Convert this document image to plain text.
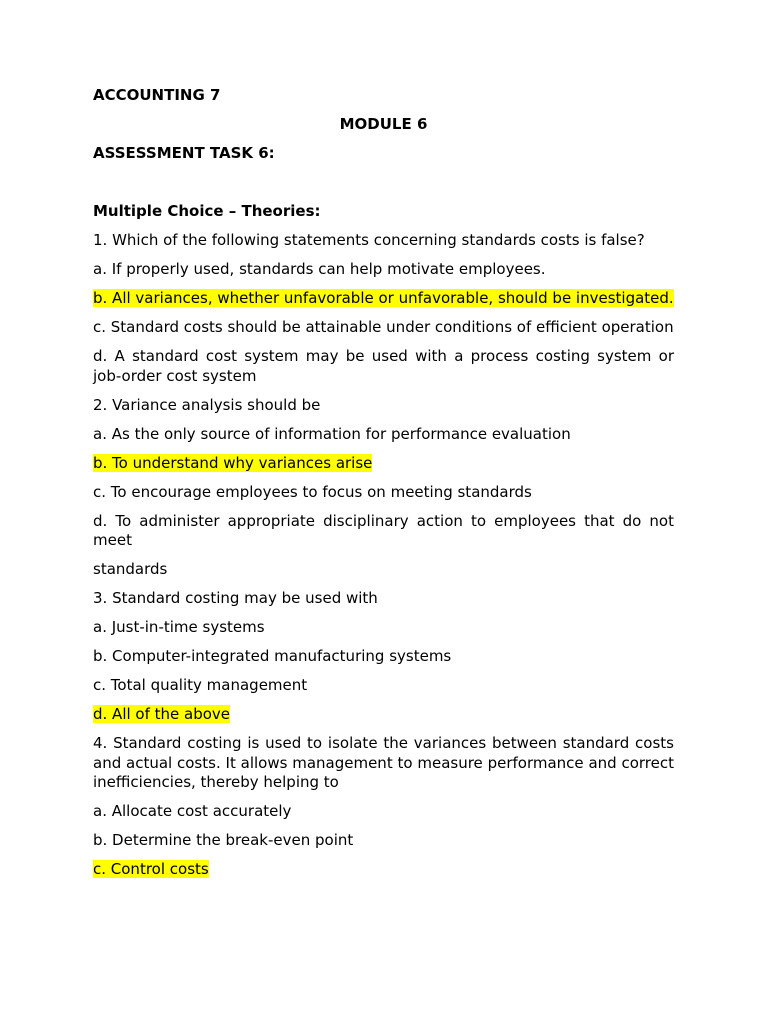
ACCOUNTING 7

MODULE 6

ASSESSMENT TASK 6:

Multiple Choice – Theories:

1. Which of the following statements concerning standards costs is false?

a. If properly used, standards can help motivate employees.

b. All variances, whether unfavorable or unfavorable, should be investigated.

c. Standard costs should be attainable under conditions of efficient operation

d. A standard cost system may be used with a process costing system or job-order cost system

2. Variance analysis should be

a. As the only source of information for performance evaluation

b. To understand why variances arise

c. To encourage employees to focus on meeting standards

d. To administer appropriate disciplinary action to employees that do not meet

standards

3. Standard costing may be used with

a. Just-in-time systems

b. Computer-integrated manufacturing systems

c. Total quality management

d. All of the above

4. Standard costing is used to isolate the variances between standard costs and actual costs. It allows management to measure performance and correct inefficiencies, thereby helping to

a. Allocate cost accurately

b. Determine the break-even point

c. Control costs
